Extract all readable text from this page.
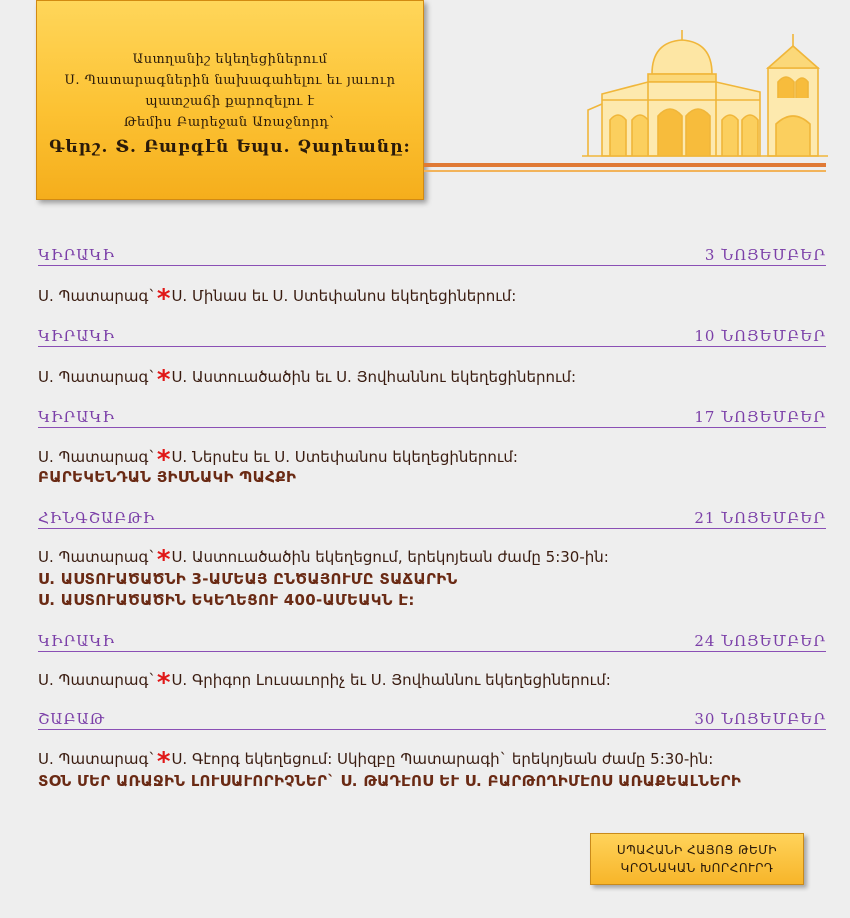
Աստղանիշ եկեղեցիներում
Ս. Պատարագներին նախագահելու եւ յաւուր
պատշաճի քարոզելու է
Թեմիս Բարեջան Առաջնորդ`
Գերշ. Տ. Բաբգէն Եպս. Չարեանը:
ԿԻՐԱԿԻ	3 ՆՈՅԵՄԲԵՐ
Ս. Պատարագ`*Ս. Մինաս եւ Ս. Ստեփանոս եկեղեցիներում:
ԿԻՐԱԿԻ	10 ՆՈՅԵՄԲԵՐ
Ս. Պատարագ`*Ս. Աստուածածին եւ Ս. Յովհաննու եկեղեցիներում:
ԿԻՐԱԿԻ	17 ՆՈՅԵՄԲԵՐ
Ս. Պատարագ`*Ս. Ներսէս եւ Ս. Ստեփանոս եկեղեցիներում:
ԲԱՐԵԿԵՆԴԱՆ ՅԻՍՆԱԿԻ ՊԱՀՔԻ
ՀԻՆԳՇԱԲԹԻ	21 ՆՈՅԵՄԲԵՐ
Ս. Պատարագ`*Ս. Աստուածածին եկեղեցում, երեկոյեան ժամը 5:30-ին:
Ս. ԱՍՏՈՒԱԾԱԾՆԻ 3-ԱՄԵԱՅ ԸՆԾԱՅՈՒՄԸ ՏԱՃԱՐԻՆ
Ս. ԱՍՏՈՒԱԾԱԾԻՆ ԵԿԵՂԵՑՈՒ 400-ԱՄԵԱԿՆ Է:
ԿԻՐԱԿԻ	24 ՆՈՅԵՄԲԵՐ
Ս. Պատարագ`*Ս. Գրիգոր Լուսաւորիչ եւ Ս. Յովհաննու եկեղեցիներում:
ՇԱԲԱԹ	30 ՆՈՅԵՄԲԵՐ
Ս. Պատարագ`*Ս. Գէորգ եկեղեցում: Սկիզբը Պատարագի` երեկոյեան ժամը 5:30-ին:
ՏՕՆ ՄԵՐ ԱՌԱՋԻՆ ԼՈՒՍԱՒՈՐԻՉՆԵՐ` Ս. ԹԱԴԷՈՍ ԵՒ Ս. ԲԱՐԹՈՂԻՄԷՈՍ ԱՌԱՔԵԱԼՆԵՐԻ
ՍՊԱՀԱՆԻ ՀԱՅՈՑ ԹԵՄԻ
ԿՐՕՆԱԿԱՆ ԽՈՐՀՈՒՐԴ
